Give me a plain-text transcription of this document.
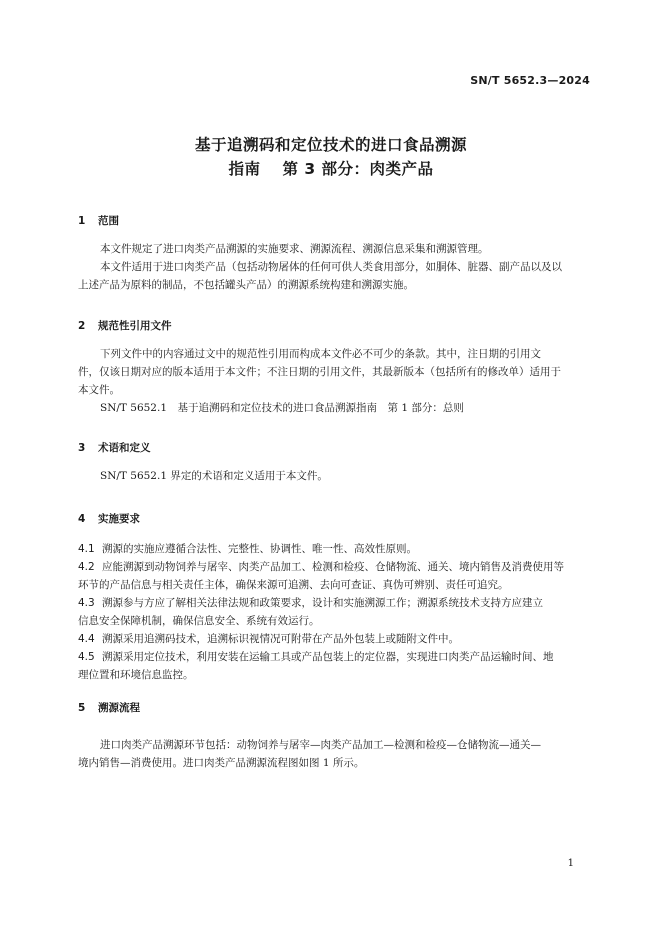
SN/T 5652.3—2024
基于追溯码和定位技术的进口食品溯源
指南 第 3 部分：肉类产品
1 范围
本文件规定了进口肉类产品溯源的实施要求、溯源流程、溯源信息采集和溯源管理。
本文件适用于进口肉类产品（包括动物屠体的任何可供人类食用部分，如胴体、脏器、副产品以及以
上述产品为原料的制品，不包括罐头产品）的溯源系统构建和溯源实施。
2 规范性引用文件
下列文件中的内容通过文中的规范性引用而构成本文件必不可少的条款。其中，注日期的引用文
件，仅该日期对应的版本适用于本文件；不注日期的引用文件，其最新版本（包括所有的修改单）适用于
本文件。
SN/T 5652.1　基于追溯码和定位技术的进口食品溯源指南　第 1 部分：总则
3 术语和定义
SN/T 5652.1 界定的术语和定义适用于本文件。
4 实施要求
4.1 溯源的实施应遵循合法性、完整性、协调性、唯一性、高效性原则。
4.2 应能溯源到动物饲养与屠宰、肉类产品加工、检测和检疫、仓储物流、通关、境内销售及消费使用等
环节的产品信息与相关责任主体，确保来源可追溯、去向可查证、真伪可辨别、责任可追究。
4.3 溯源参与方应了解相关法律法规和政策要求，设计和实施溯源工作；溯源系统技术支持方应建立
信息安全保障机制，确保信息安全、系统有效运行。
4.4 溯源采用追溯码技术，追溯标识视情况可附带在产品外包装上或随附文件中。
4.5 溯源采用定位技术，利用安装在运输工具或产品包装上的定位器，实现进口肉类产品运输时间、地
理位置和环境信息监控。
5 溯源流程
进口肉类产品溯源环节包括：动物饲养与屠宰—肉类产品加工—检测和检疫—仓储物流—通关—
境内销售—消费使用。进口肉类产品溯源流程图如图 1 所示。
1
